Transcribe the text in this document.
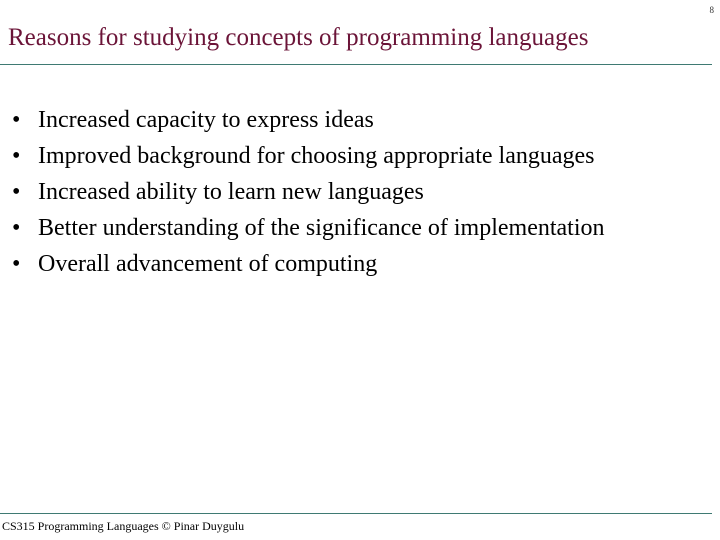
8
Reasons for studying concepts of programming languages
• Increased capacity to express ideas
• Improved background for choosing appropriate languages
• Increased ability to learn new languages
• Better understanding of the significance of implementation
• Overall advancement of computing
CS315 Programming Languages © Pinar Duygulu
